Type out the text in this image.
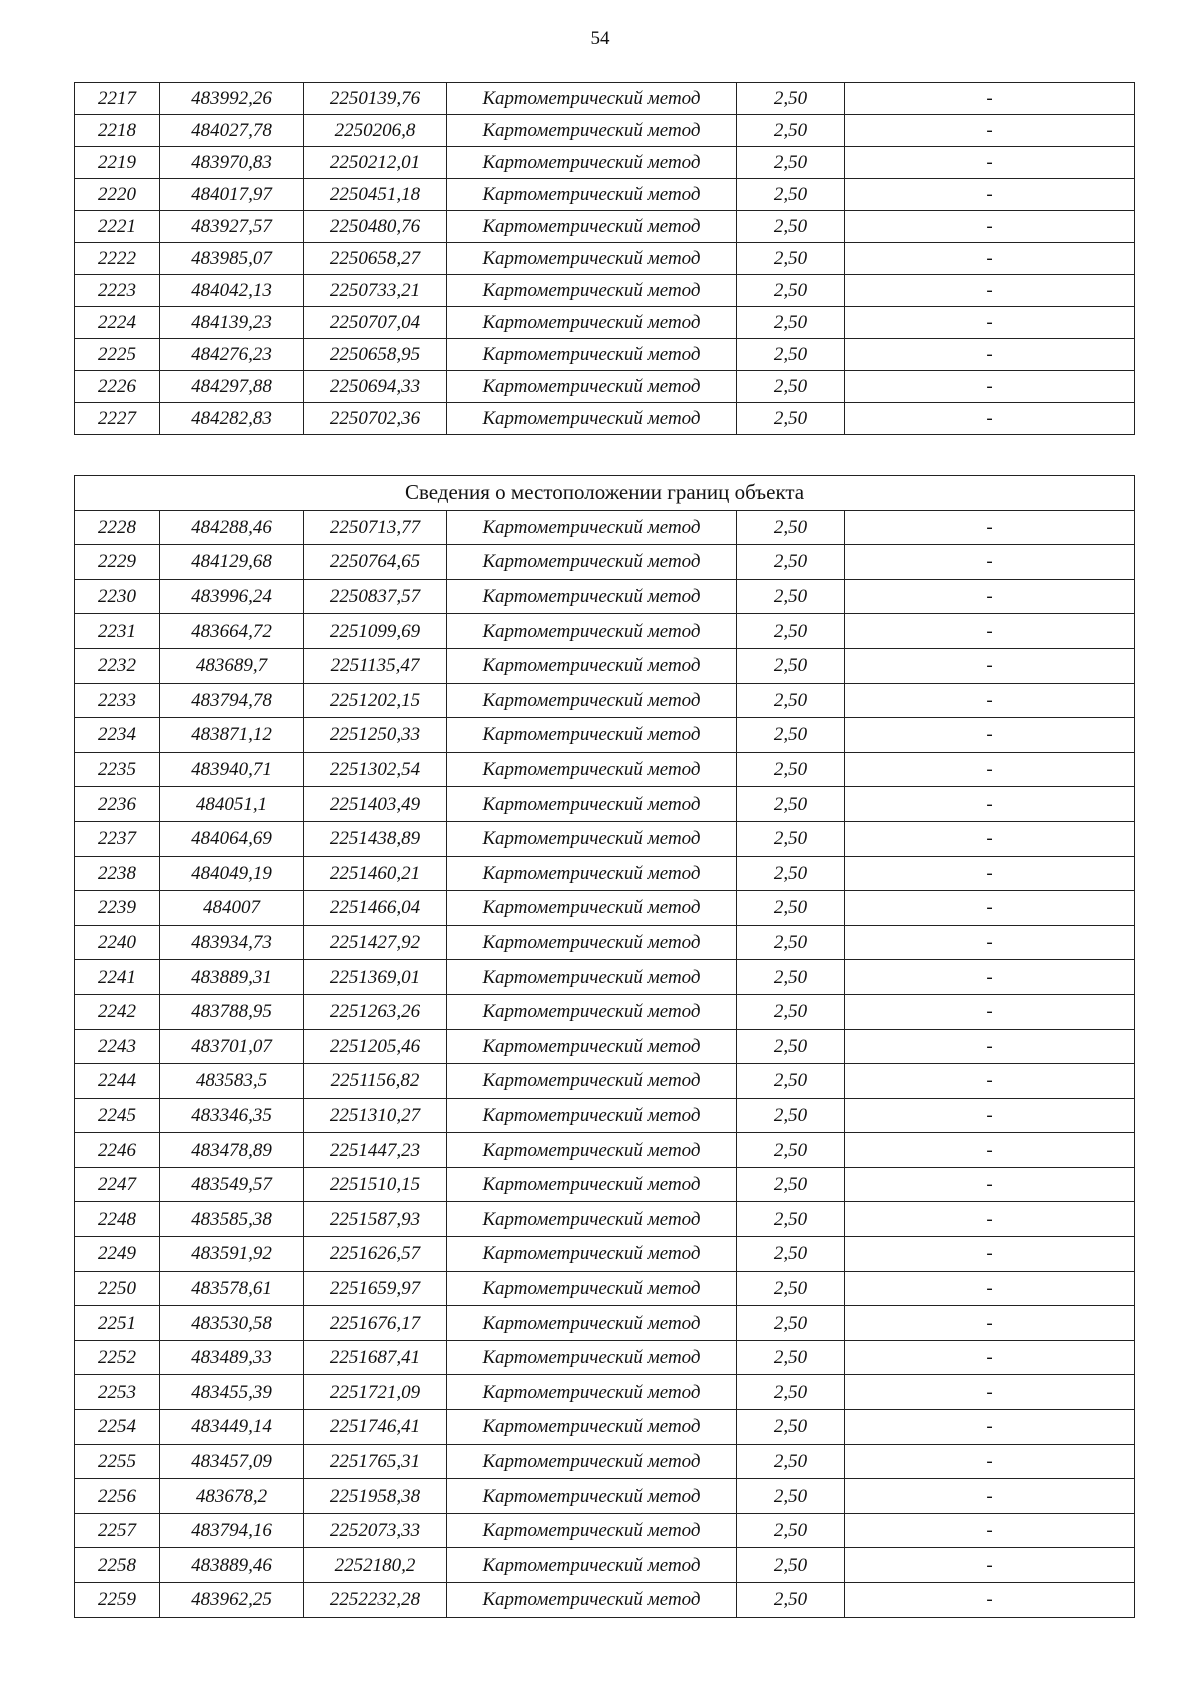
54
2217	483992,26	2250139,76	Картометрический метод	2,50	-
2218	484027,78	2250206,8	Картометрический метод	2,50	-
2219	483970,83	2250212,01	Картометрический метод	2,50	-
2220	484017,97	2250451,18	Картометрический метод	2,50	-
2221	483927,57	2250480,76	Картометрический метод	2,50	-
2222	483985,07	2250658,27	Картометрический метод	2,50	-
2223	484042,13	2250733,21	Картометрический метод	2,50	-
2224	484139,23	2250707,04	Картометрический метод	2,50	-
2225	484276,23	2250658,95	Картометрический метод	2,50	-
2226	484297,88	2250694,33	Картометрический метод	2,50	-
2227	484282,83	2250702,36	Картометрический метод	2,50	-
Сведения о местоположении границ объекта					
2228	484288,46	2250713,77	Картометрический метод	2,50	-
2229	484129,68	2250764,65	Картометрический метод	2,50	-
2230	483996,24	2250837,57	Картометрический метод	2,50	-
2231	483664,72	2251099,69	Картометрический метод	2,50	-
2232	483689,7	2251135,47	Картометрический метод	2,50	-
2233	483794,78	2251202,15	Картометрический метод	2,50	-
2234	483871,12	2251250,33	Картометрический метод	2,50	-
2235	483940,71	2251302,54	Картометрический метод	2,50	-
2236	484051,1	2251403,49	Картометрический метод	2,50	-
2237	484064,69	2251438,89	Картометрический метод	2,50	-
2238	484049,19	2251460,21	Картометрический метод	2,50	-
2239	484007	2251466,04	Картометрический метод	2,50	-
2240	483934,73	2251427,92	Картометрический метод	2,50	-
2241	483889,31	2251369,01	Картометрический метод	2,50	-
2242	483788,95	2251263,26	Картометрический метод	2,50	-
2243	483701,07	2251205,46	Картометрический метод	2,50	-
2244	483583,5	2251156,82	Картометрический метод	2,50	-
2245	483346,35	2251310,27	Картометрический метод	2,50	-
2246	483478,89	2251447,23	Картометрический метод	2,50	-
2247	483549,57	2251510,15	Картометрический метод	2,50	-
2248	483585,38	2251587,93	Картометрический метод	2,50	-
2249	483591,92	2251626,57	Картометрический метод	2,50	-
2250	483578,61	2251659,97	Картометрический метод	2,50	-
2251	483530,58	2251676,17	Картометрический метод	2,50	-
2252	483489,33	2251687,41	Картометрический метод	2,50	-
2253	483455,39	2251721,09	Картометрический метод	2,50	-
2254	483449,14	2251746,41	Картометрический метод	2,50	-
2255	483457,09	2251765,31	Картометрический метод	2,50	-
2256	483678,2	2251958,38	Картометрический метод	2,50	-
2257	483794,16	2252073,33	Картометрический метод	2,50	-
2258	483889,46	2252180,2	Картометрический метод	2,50	-
2259	483962,25	2252232,28	Картометрический метод	2,50	-
